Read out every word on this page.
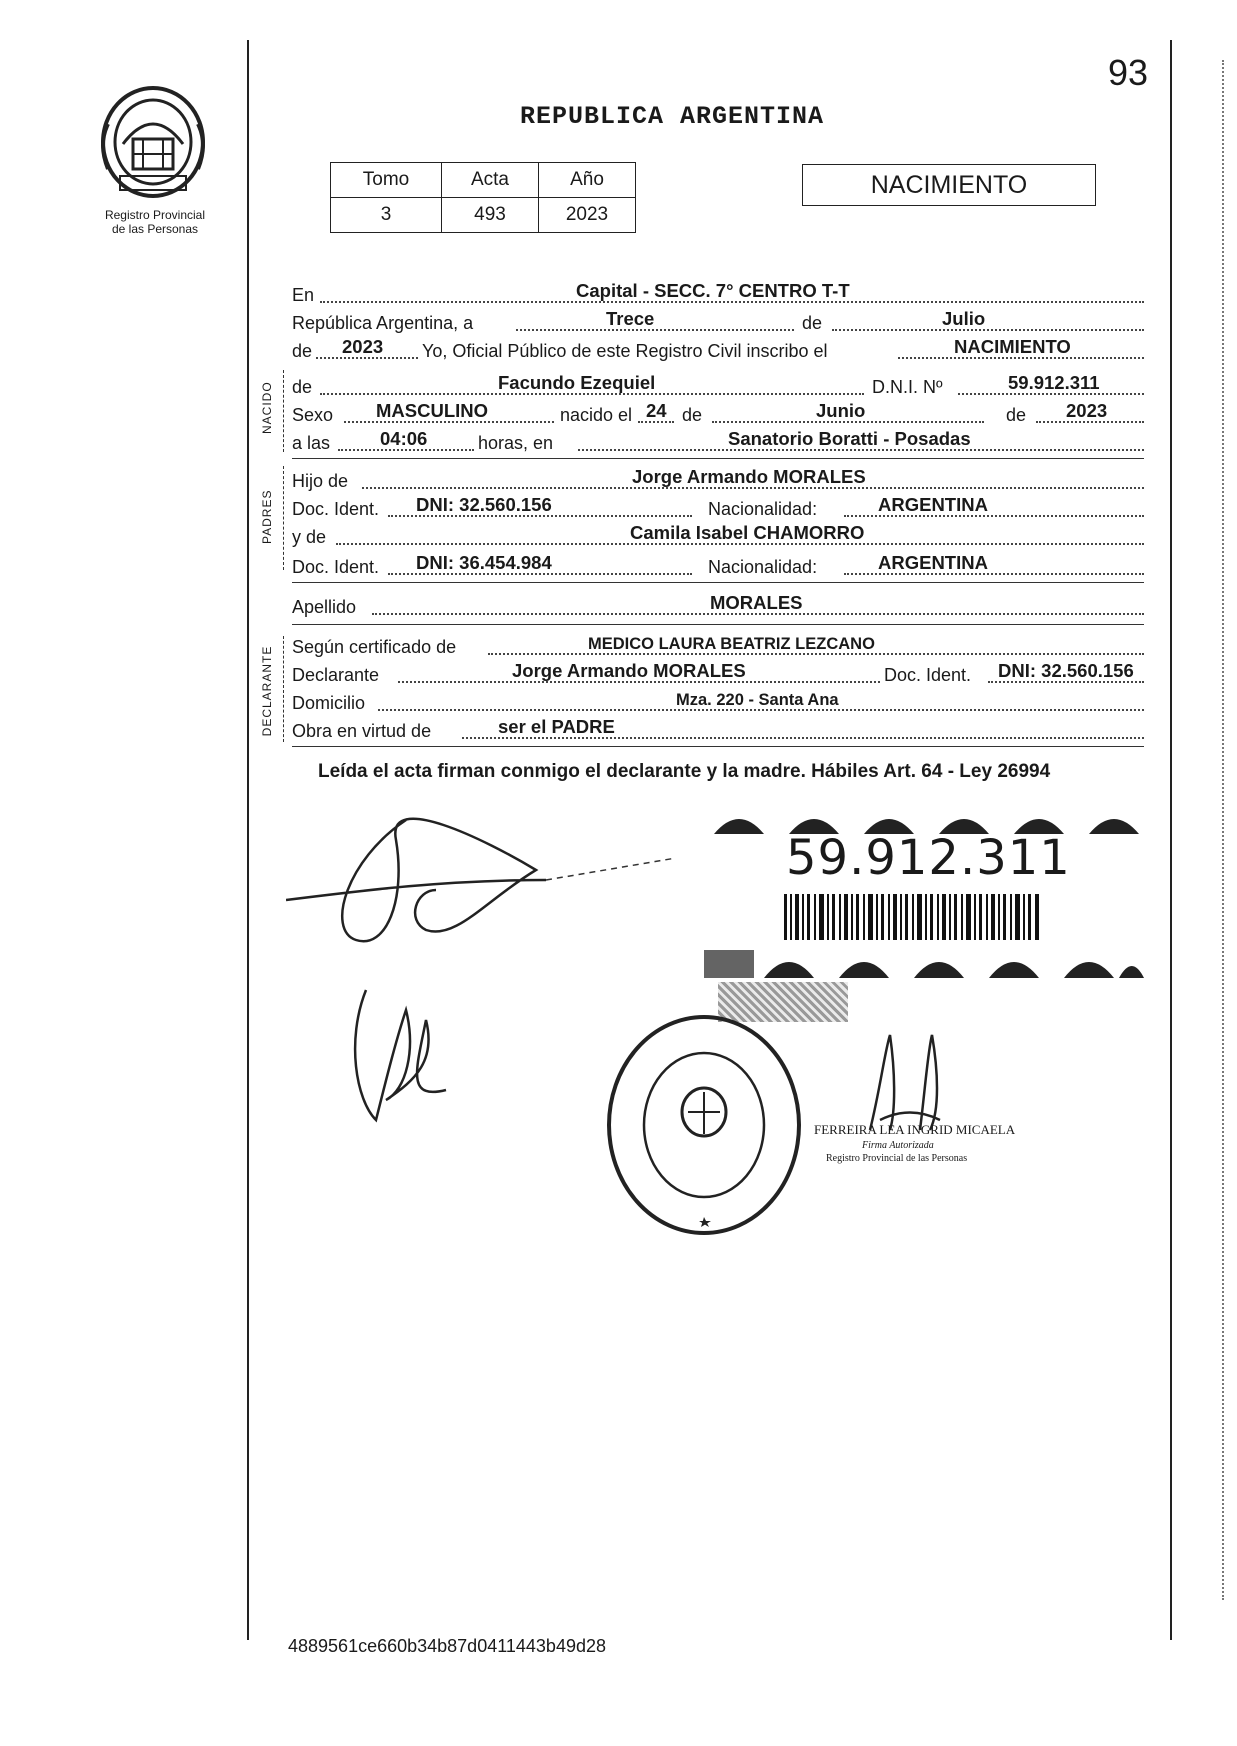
93
Registro Provincial
de las Personas
REPUBLICA ARGENTINA
Tomo	Acta	Año
3	493	2023
NACIMIENTO
En	Capital - SECC. 7° CENTRO T-T
República Argentina, a	Trece	de	Julio
de 2023 Yo, Oficial Público de este Registro Civil inscribo el	NACIMIENTO
NACIDO de	Facundo Ezequiel	D.N.I. Nº	59.912.311
Sexo MASCULINO	nacido el 24 de	Junio	de 2023
a las	04:06	horas, en	Sanatorio Boratti - Posadas
PADRES
Hijo de	Jorge Armando MORALES
Doc. Ident. DNI: 32.560.156	Nacionalidad:	ARGENTINA
y de	Camila Isabel CHAMORRO
Doc. Ident. DNI: 36.454.984	Nacionalidad:	ARGENTINA
Apellido	MORALES
DECLARANTE Según certificado de	MEDICO LAURA BEATRIZ LEZCANO
Declarante	Jorge Armando MORALES	Doc. Ident. DNI: 32.560.156
Domicilio	Mza. 220 - Santa Ana
Obra en virtud de	ser el PADRE
Leída el acta firman conmigo el declarante y la madre. Hábiles Art. 64 - Ley 26994
59.912.311
FERREIRA LEA INGRID MICAELA
Firma Autorizada
Registro Provincial de las Personas
4889561ce660b34b87d0411443b49d28
